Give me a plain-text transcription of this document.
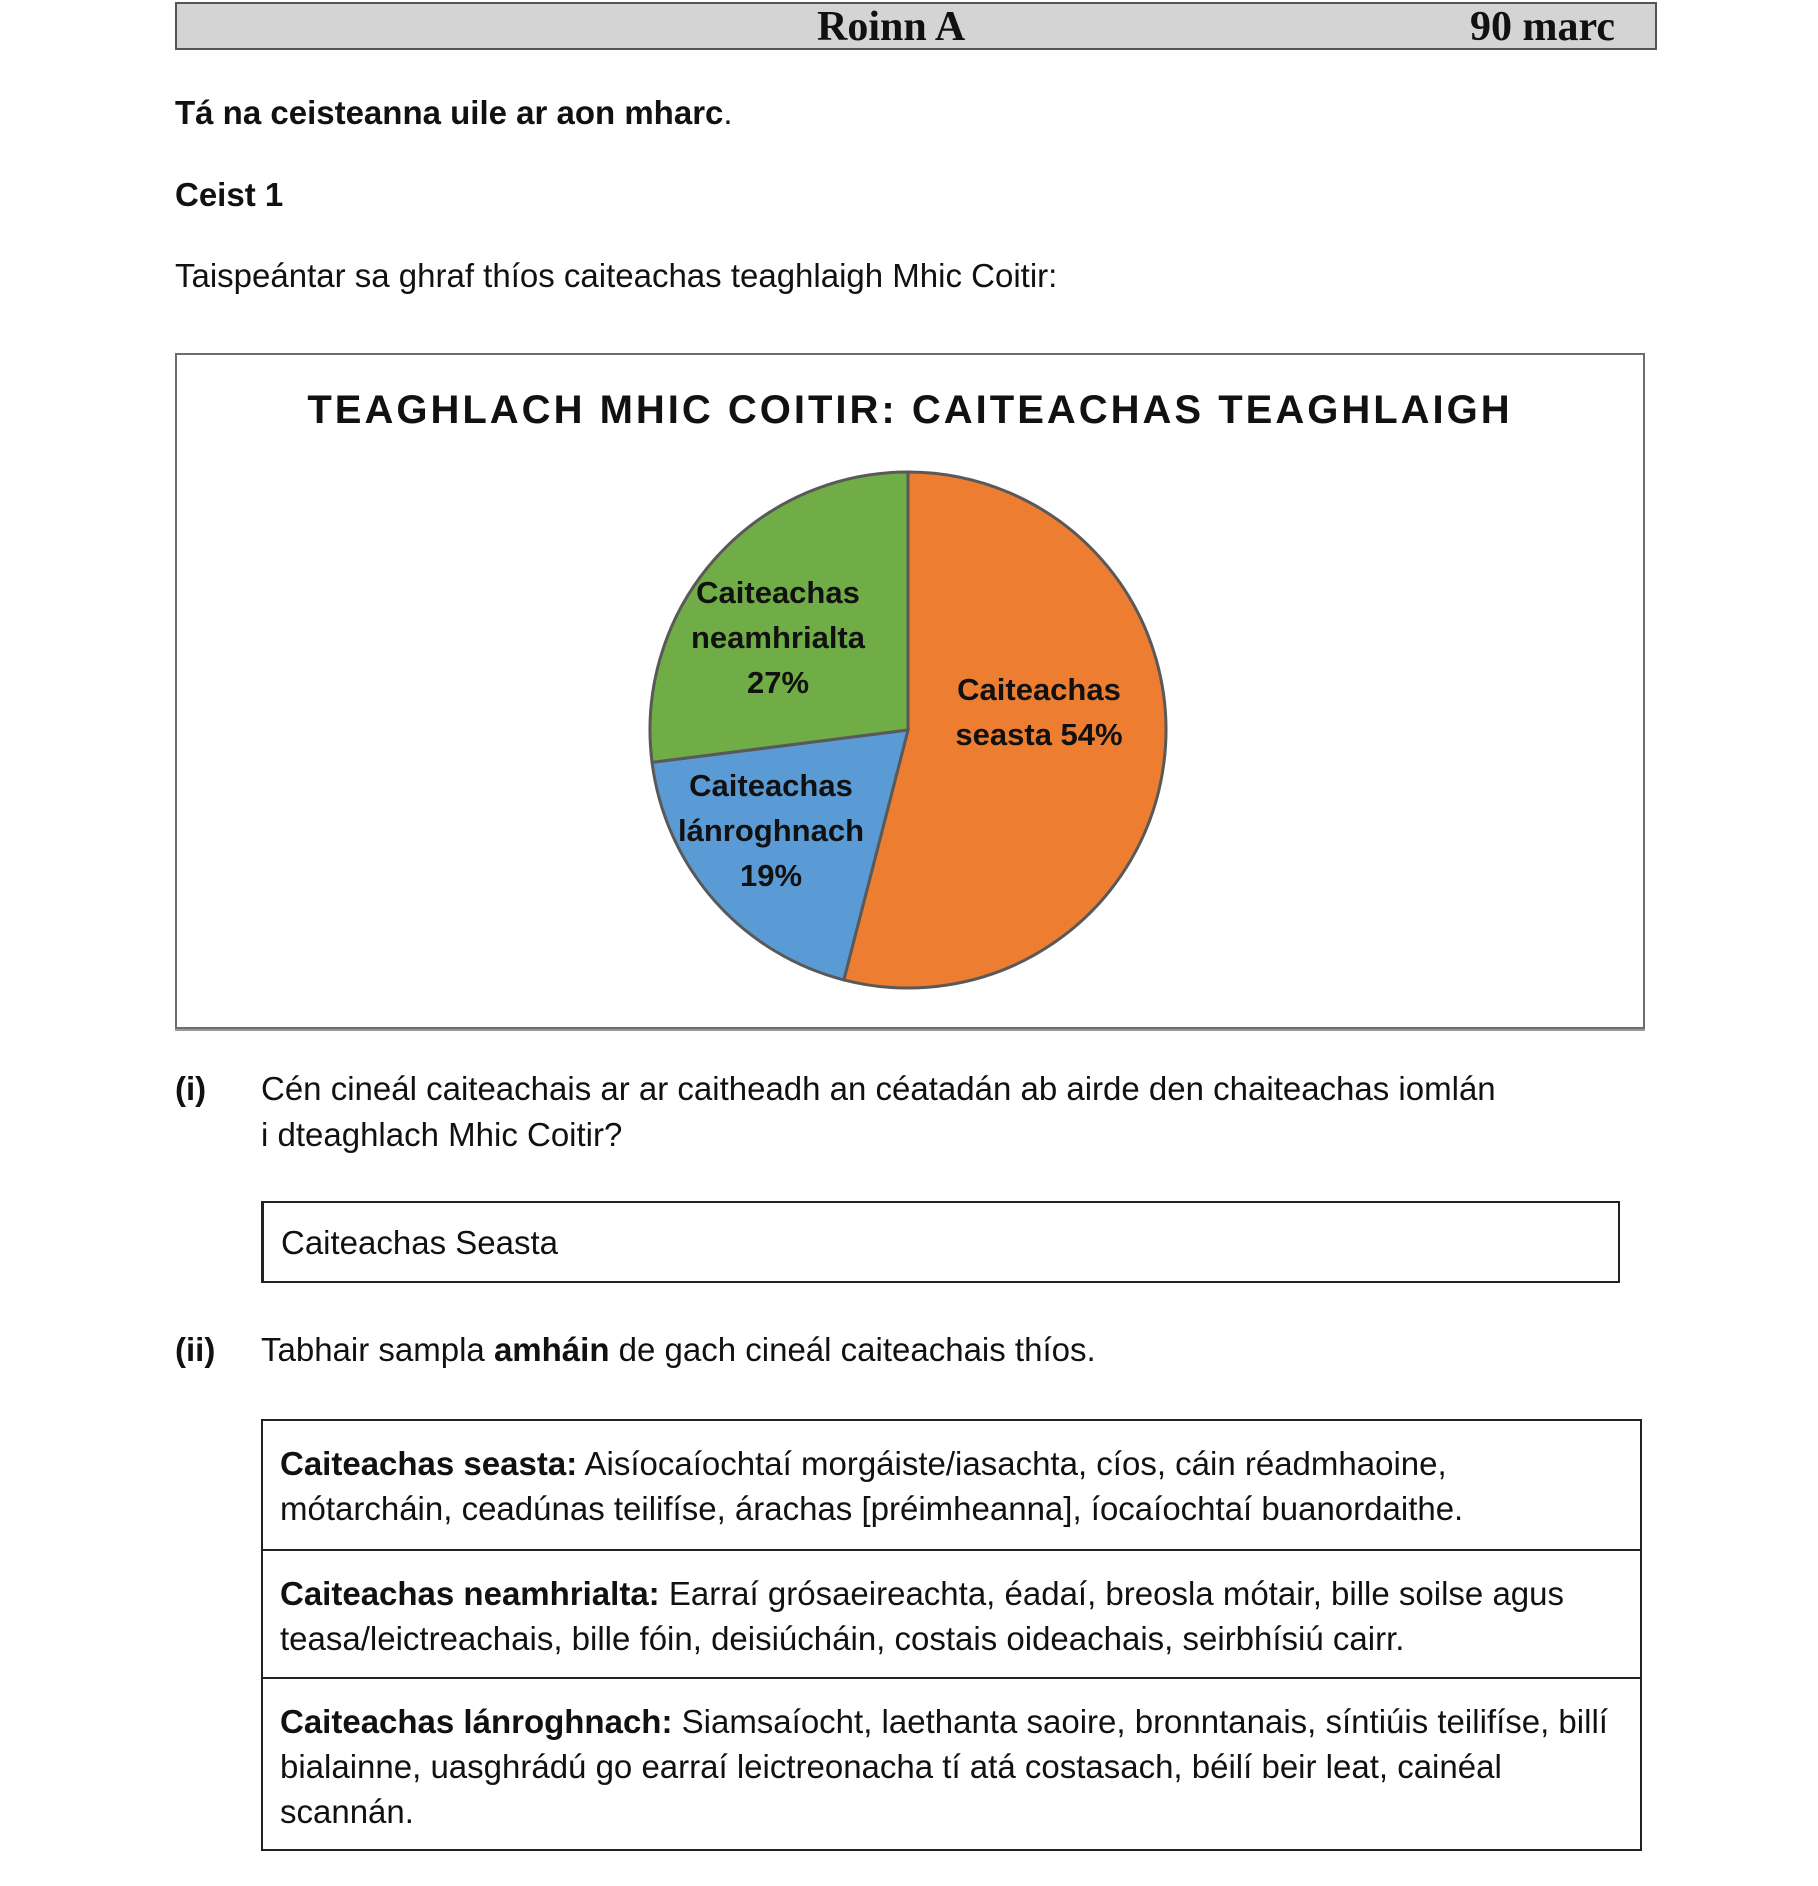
Roinn A	90 marc
Tá na ceisteanna uile ar aon mharc.
Ceist 1
Taispeántar sa ghraf thíos caiteachas teaghlaigh Mhic Coitir:
TEAGHLACH MHIC COITIR: CAITEACHAS TEAGHLAIGH
Caiteachas seasta 54%
Caiteachas lánroghnach 19%
Caiteachas neamhrialta 27%
(i) Cén cineál caiteachais ar ar caitheadh an céatadán ab airde den chaiteachas iomlán
i dteaghlach Mhic Coitir?
Caiteachas Seasta
(ii) Tabhair sampla amháin de gach cineál caiteachais thíos.
Caiteachas seasta: Aisíocaíochtaí morgáiste/iasachta, cíos, cáin réadmhaoine, mótarcháin, ceadúnas teilifíse, árachas [préimheanna], íocaíochtaí buanordaithe.
Caiteachas neamhrialta: Earraí grósaeireachta, éadaí, breosla mótair, bille soilse agus teasa/leictreachais, bille fóin, deisiúcháin, costais oideachais, seirbhísiú cairr.
Caiteachas lánroghnach: Siamsaíocht, laethanta saoire, bronntanais, síntiúis teilifíse, billí bialainne, uasghrádú go earraí leictreonacha tí atá costasach, béilí beir leat, cainéal scannán.
